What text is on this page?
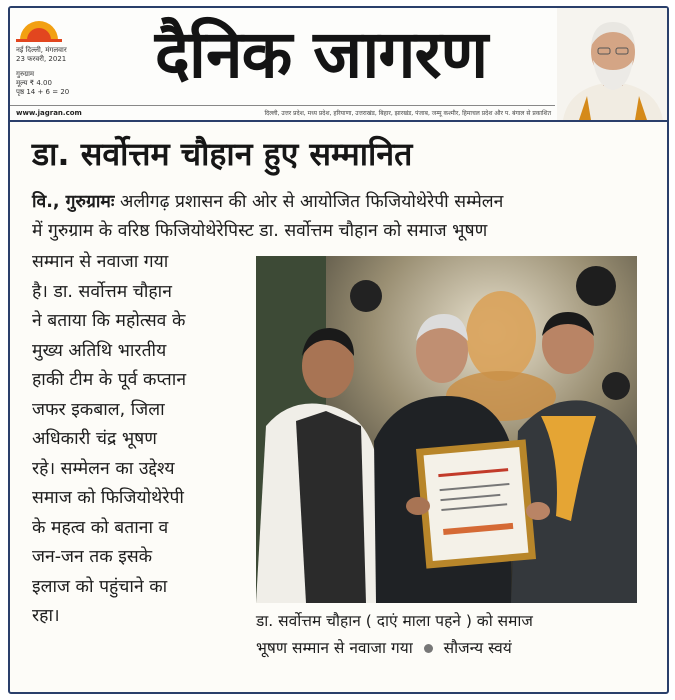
नई दिल्ली, मंगलवार
23 फरवरी, 2021
गुरुग्राम
मूल्य ₹ 4.00
पृष्ठ 14 + 6 = 20	दैनिक जागरण
www.jagran.com	दिल्ली, उत्तर प्रदेश, मध्य प्रदेश, हरियाणा, उत्तराखंड, बिहार, झारखंड, पंजाब, जम्मू कश्मीर, हिमाचल प्रदेश और प. बंगाल से प्रकाशित
डा. सर्वोत्तम चौहान हुए सम्मानित
वि., गुरुग्रामः अलीगढ़ प्रशासन की ओर से आयोजित फिजियोथेरेपी सम्मेलन
में गुरुग्राम के वरिष्ठ फिजियोथेरेपिस्ट डा. सर्वोत्तम चौहान को समाज भूषण
सम्मान से नवाजा गया
है। डा. सर्वोत्तम चौहान
ने बताया कि महोत्सव के
मुख्य अतिथि भारतीय
हाकी टीम के पूर्व कप्तान
जफर इकबाल, जिला
अधिकारी चंद्र भूषण
रहे। सम्मेलन का उद्देश्य
समाज को फिजियोथेरेपी
के महत्व को बताना व
जन-जन तक इसके
इलाज को पहुंचाने का
रहा।	डा. सर्वोत्तम चौहान ( दाएं माला पहने ) को समाज
भूषण सम्मान से नवाजा गया सौजन्य स्वयं
